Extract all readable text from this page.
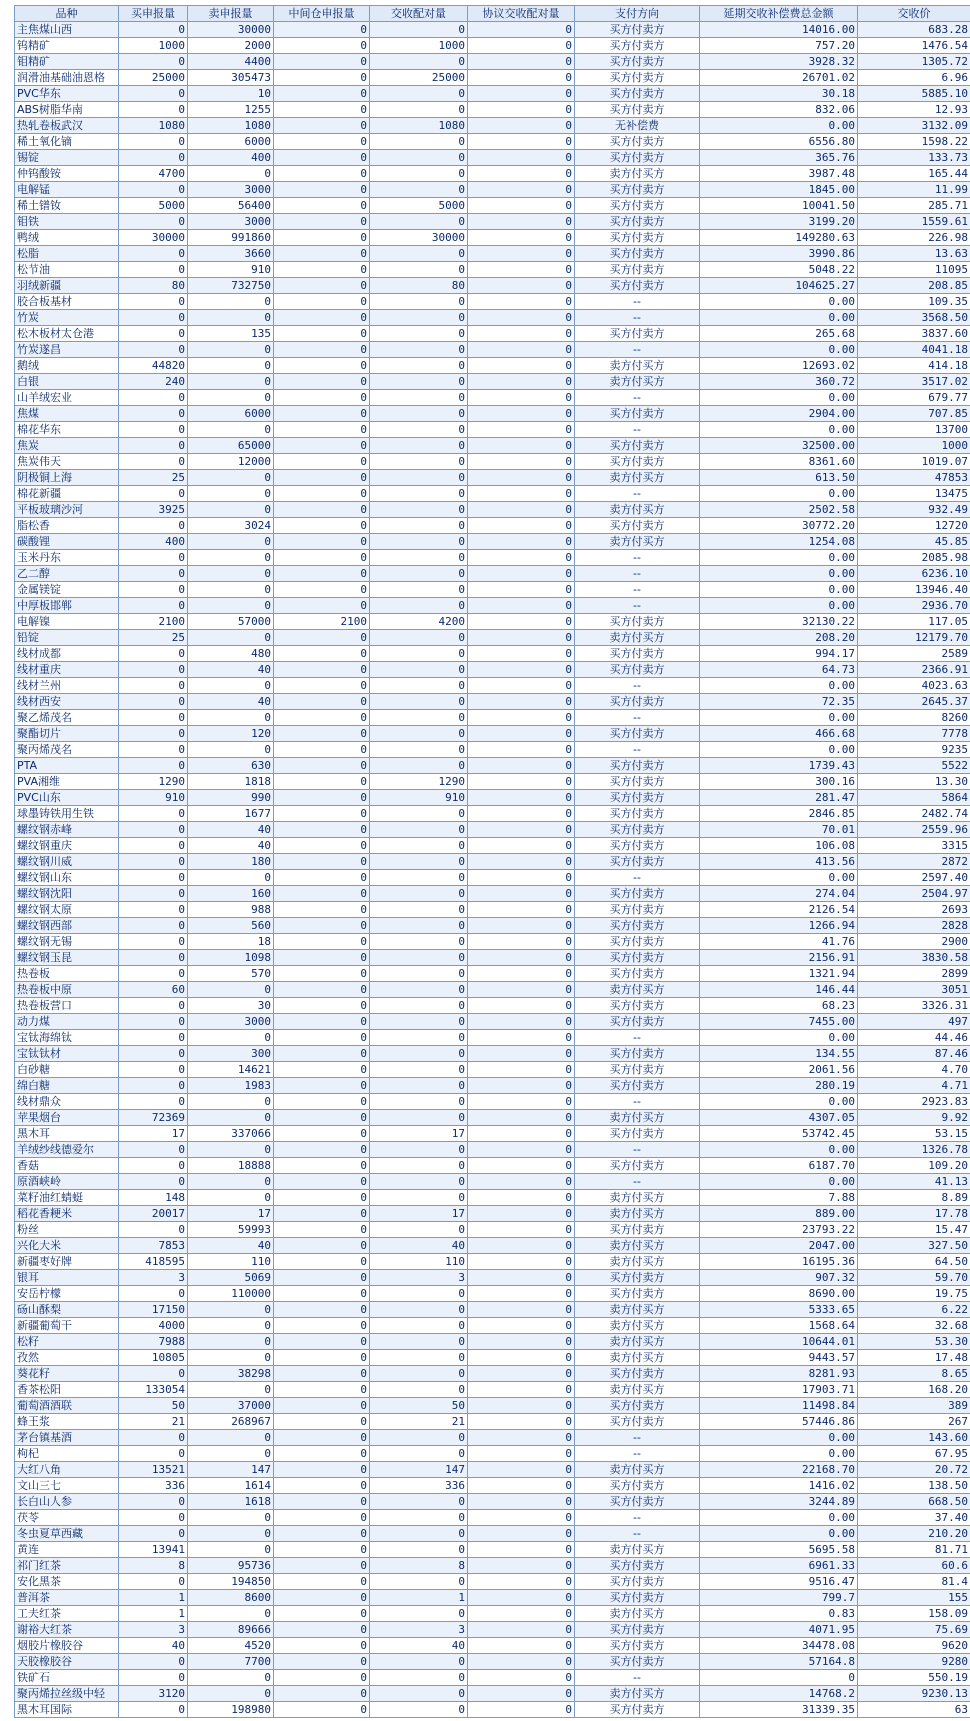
品种	买申报量	卖申报量	中间仓申报量	交收配对量	协议交收配对量	支付方向	延期交收补偿费总金额	交收价
主焦煤山西	0	30000	0	0	0	买方付卖方	14016.00	683.28
钨精矿	1000	2000	0	1000	0	买方付卖方	757.20	1476.54
钼精矿	0	4400	0	0	0	买方付卖方	3928.32	1305.72
润滑油基础油恩格	25000	305473	0	25000	0	买方付卖方	26701.02	6.96
PVC华东	0	10	0	0	0	买方付卖方	30.18	5885.10
ABS树脂华南	0	1255	0	0	0	买方付卖方	832.06	12.93
热轧卷板武汉	1080	1080	0	1080	0	无补偿费	0.00	3132.09
稀土氧化镝	0	6000	0	0	0	买方付卖方	6556.80	1598.22
锡锭	0	400	0	0	0	买方付卖方	365.76	133.73
仲钨酸铵	4700	0	0	0	0	卖方付买方	3987.48	165.44
电解锰	0	3000	0	0	0	买方付卖方	1845.00	11.99
稀土镨钕	5000	56400	0	5000	0	买方付卖方	10041.50	285.71
钼铁	0	3000	0	0	0	买方付卖方	3199.20	1559.61
鸭绒	30000	991860	0	30000	0	买方付卖方	149280.63	226.98
松脂	0	3660	0	0	0	买方付卖方	3990.86	13.63
松节油	0	910	0	0	0	买方付卖方	5048.22	11095
羽绒新疆	80	732750	0	80	0	买方付卖方	104625.27	208.85
胶合板基材	0	0	0	0	0	--	0.00	109.35
竹炭	0	0	0	0	0	--	0.00	3568.50
松木板材太仓港	0	135	0	0	0	买方付卖方	265.68	3837.60
竹炭遂昌	0	0	0	0	0	--	0.00	4041.18
鹅绒	44820	0	0	0	0	卖方付买方	12693.02	414.18
白银	240	0	0	0	0	卖方付买方	360.72	3517.02
山羊绒宏业	0	0	0	0	0	--	0.00	679.77
焦煤	0	6000	0	0	0	买方付卖方	2904.00	707.85
棉花华东	0	0	0	0	0	--	0.00	13700
焦炭	0	65000	0	0	0	买方付卖方	32500.00	1000
焦炭伟天	0	12000	0	0	0	买方付卖方	8361.60	1019.07
阴极铜上海	25	0	0	0	0	卖方付买方	613.50	47853
棉花新疆	0	0	0	0	0	--	0.00	13475
平板玻璃沙河	3925	0	0	0	0	卖方付买方	2502.58	932.49
脂松香	0	3024	0	0	0	买方付卖方	30772.20	12720
碳酸锂	400	0	0	0	0	卖方付买方	1254.08	45.85
玉米丹东	0	0	0	0	0	--	0.00	2085.98
乙二醇	0	0	0	0	0	--	0.00	6236.10
金属镁锭	0	0	0	0	0	--	0.00	13946.40
中厚板邯郸	0	0	0	0	0	--	0.00	2936.70
电解镍	2100	57000	2100	4200	0	买方付卖方	32130.22	117.05
铅锭	25	0	0	0	0	卖方付买方	208.20	12179.70
线材成都	0	480	0	0	0	买方付卖方	994.17	2589
线材重庆	0	40	0	0	0	买方付卖方	64.73	2366.91
线材兰州	0	0	0	0	0	--	0.00	4023.63
线材西安	0	40	0	0	0	买方付卖方	72.35	2645.37
聚乙烯茂名	0	0	0	0	0	--	0.00	8260
聚酯切片	0	120	0	0	0	买方付卖方	466.68	7778
聚丙烯茂名	0	0	0	0	0	--	0.00	9235
PTA	0	630	0	0	0	买方付卖方	1739.43	5522
PVA湘维	1290	1818	0	1290	0	买方付卖方	300.16	13.30
PVC山东	910	990	0	910	0	买方付卖方	281.47	5864
球墨铸铁用生铁	0	1677	0	0	0	买方付卖方	2846.85	2482.74
螺纹钢赤峰	0	40	0	0	0	买方付卖方	70.01	2559.96
螺纹钢重庆	0	40	0	0	0	买方付卖方	106.08	3315
螺纹钢川威	0	180	0	0	0	买方付卖方	413.56	2872
螺纹钢山东	0	0	0	0	0	--	0.00	2597.40
螺纹钢沈阳	0	160	0	0	0	买方付卖方	274.04	2504.97
螺纹钢太原	0	988	0	0	0	买方付卖方	2126.54	2693
螺纹钢西部	0	560	0	0	0	买方付卖方	1266.94	2828
螺纹钢无锡	0	18	0	0	0	买方付卖方	41.76	2900
螺纹钢玉昆	0	1098	0	0	0	买方付卖方	2156.91	3830.58
热卷板	0	570	0	0	0	买方付卖方	1321.94	2899
热卷板中原	60	0	0	0	0	卖方付买方	146.44	3051
热卷板营口	0	30	0	0	0	买方付卖方	68.23	3326.31
动力煤	0	3000	0	0	0	买方付卖方	7455.00	497
宝钛海绵钛	0	0	0	0	0	--	0.00	44.46
宝钛钛材	0	300	0	0	0	买方付卖方	134.55	87.46
白砂糖	0	14621	0	0	0	买方付卖方	2061.56	4.70
绵白糖	0	1983	0	0	0	买方付卖方	280.19	4.71
线材鼎众	0	0	0	0	0	--	0.00	2923.83
苹果烟台	72369	0	0	0	0	卖方付买方	4307.05	9.92
黑木耳	17	337066	0	17	0	买方付卖方	53742.45	53.15
羊绒纱线德爱尔	0	0	0	0	0	--	0.00	1326.78
香菇	0	18888	0	0	0	买方付卖方	6187.70	109.20
原酒峡岭	0	0	0	0	0	--	0.00	41.13
菜籽油红蜻蜓	148	0	0	0	0	卖方付买方	7.88	8.89
稻花香粳米	20017	17	0	17	0	卖方付买方	889.00	17.78
粉丝	0	59993	0	0	0	买方付卖方	23793.22	15.47
兴化大米	7853	40	0	40	0	卖方付买方	2047.00	327.50
新疆枣好牌	418595	110	0	110	0	卖方付买方	16195.36	64.50
银耳	3	5069	0	3	0	买方付卖方	907.32	59.70
安岳柠檬	0	110000	0	0	0	买方付卖方	8690.00	19.75
砀山酥梨	17150	0	0	0	0	卖方付买方	5333.65	6.22
新疆葡萄干	4000	0	0	0	0	卖方付买方	1568.64	32.68
松籽	7988	0	0	0	0	卖方付买方	10644.01	53.30
孜然	10805	0	0	0	0	卖方付买方	9443.57	17.48
葵花籽	0	38298	0	0	0	买方付卖方	8281.93	8.65
香茶松阳	133054	0	0	0	0	卖方付买方	17903.71	168.20
葡萄酒酒联	50	37000	0	50	0	买方付卖方	11498.84	389
蜂王浆	21	268967	0	21	0	买方付卖方	57446.86	267
茅台镇基酒	0	0	0	0	0	--	0.00	143.60
枸杞	0	0	0	0	0	--	0.00	67.95
大红八角	13521	147	0	147	0	卖方付买方	22168.70	20.72
文山三七	336	1614	0	336	0	买方付卖方	1416.02	138.50
长白山人参	0	1618	0	0	0	买方付卖方	3244.89	668.50
茯苓	0	0	0	0	0	--	0.00	37.40
冬虫夏草西藏	0	0	0	0	0	--	0.00	210.20
黄连	13941	0	0	0	0	卖方付买方	5695.58	81.71
祁门红茶	8	95736	0	8	0	买方付卖方	6961.33	60.6
安化黑茶	0	194850	0	0	0	买方付卖方	9516.47	81.4
普洱茶	1	8600	0	1	0	买方付卖方	799.7	155
工夫红茶	1	0	0	0	0	卖方付买方	0.83	158.09
谢裕大红茶	3	89666	0	3	0	买方付卖方	4071.95	75.69
烟胶片橡胶谷	40	4520	0	40	0	买方付卖方	34478.08	9620
天胶橡胶谷	0	7700	0	0	0	买方付卖方	57164.8	9280
铁矿石	0	0	0	0	0	--	0	550.19
聚丙烯拉丝级中轻	3120	0	0	0	0	卖方付买方	14768.2	9230.13
黑木耳国际	0	198980	0	0	0	买方付卖方	31339.35	63
